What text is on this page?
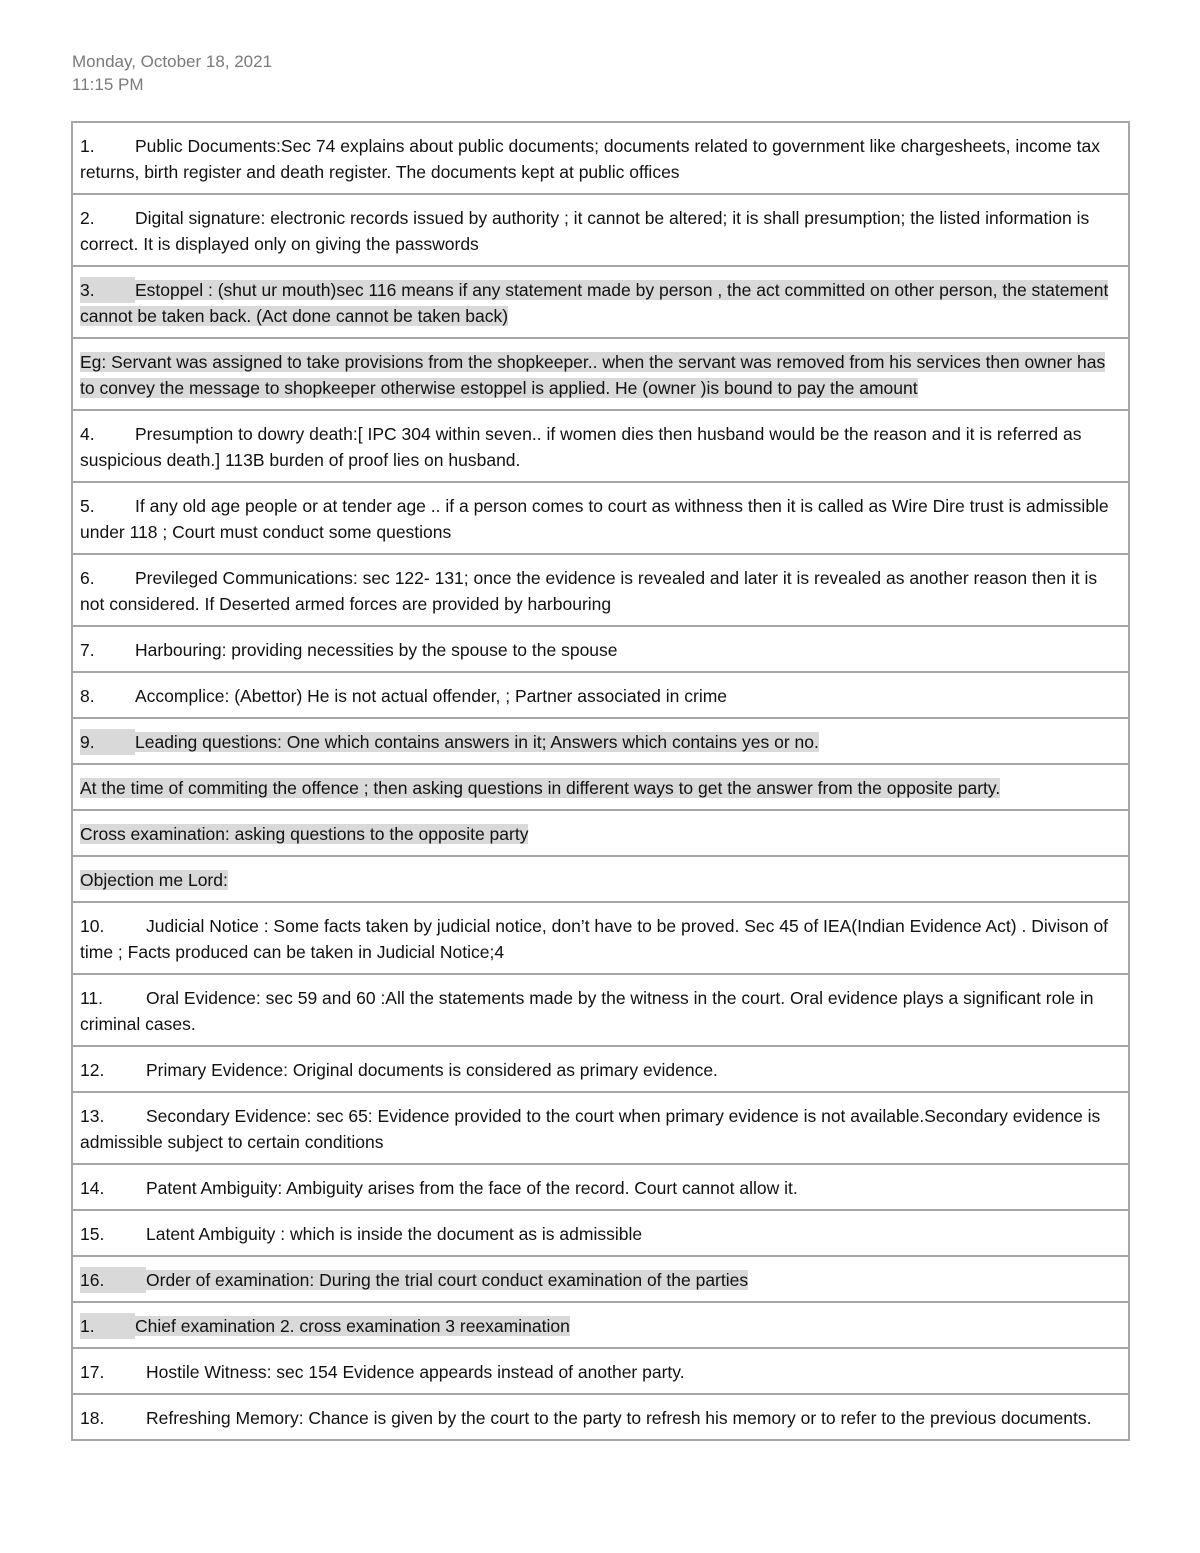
Monday, October 18, 2021
11:15 PM
1. Public Documents:Sec 74 explains about public documents; documents related to government like chargesheets, income tax returns, birth register and death register. The documents kept at public offices
2. Digital signature: electronic records issued by authority ; it cannot be altered; it is shall presumption; the listed information is correct. It is displayed only on giving the passwords
3. Estoppel : (shut ur mouth)sec 116 means if any statement made by person , the act committed on other person, the statement cannot be taken back. (Act done cannot be taken back)
Eg: Servant was assigned to take provisions from the shopkeeper.. when the servant was removed from his services then owner has to convey the message to shopkeeper otherwise estoppel is applied. He (owner )is bound to pay the amount
4. Presumption to dowry death:[ IPC 304 within seven.. if women dies then husband would be the reason and it is referred as suspicious death.] 113B burden of proof lies on husband.
5. If any old age people or at tender age .. if a person comes to court as withness then it is called as Wire Dire trust is admissible under 118 ; Court must conduct some questions
6. Previleged Communications: sec 122- 131; once the evidence is revealed and later it is revealed as another reason then it is not considered. If Deserted armed forces are provided by harbouring
7. Harbouring: providing necessities by the spouse to the spouse
8. Accomplice: (Abettor) He is not actual offender, ; Partner associated in crime
9. Leading questions: One which contains answers in it; Answers which contains yes or no.
At the time of commiting the offence ; then asking questions in different ways to get the answer from the opposite party.
Cross examination: asking questions to the opposite party
Objection me Lord:
10. Judicial Notice : Some facts taken by judicial notice, don’t have to be proved. Sec 45 of IEA(Indian Evidence Act) . Divison of time ; Facts produced can be taken in Judicial Notice;4
11. Oral Evidence: sec 59 and 60 :All the statements made by the witness in the court. Oral evidence plays a significant role in criminal cases.
12. Primary Evidence: Original documents is considered as primary evidence.
13. Secondary Evidence: sec 65: Evidence provided to the court when primary evidence is not available.Secondary evidence is admissible subject to certain conditions
14. Patent Ambiguity: Ambiguity arises from the face of the record. Court cannot allow it.
15. Latent Ambiguity : which is inside the document as is admissible
16. Order of examination: During the trial court conduct examination of the parties
1. Chief examination 2. cross examination 3 reexamination
17. Hostile Witness: sec 154 Evidence appeards instead of another party.
18. Refreshing Memory: Chance is given by the court to the party to refresh his memory or to refer to the previous documents.
